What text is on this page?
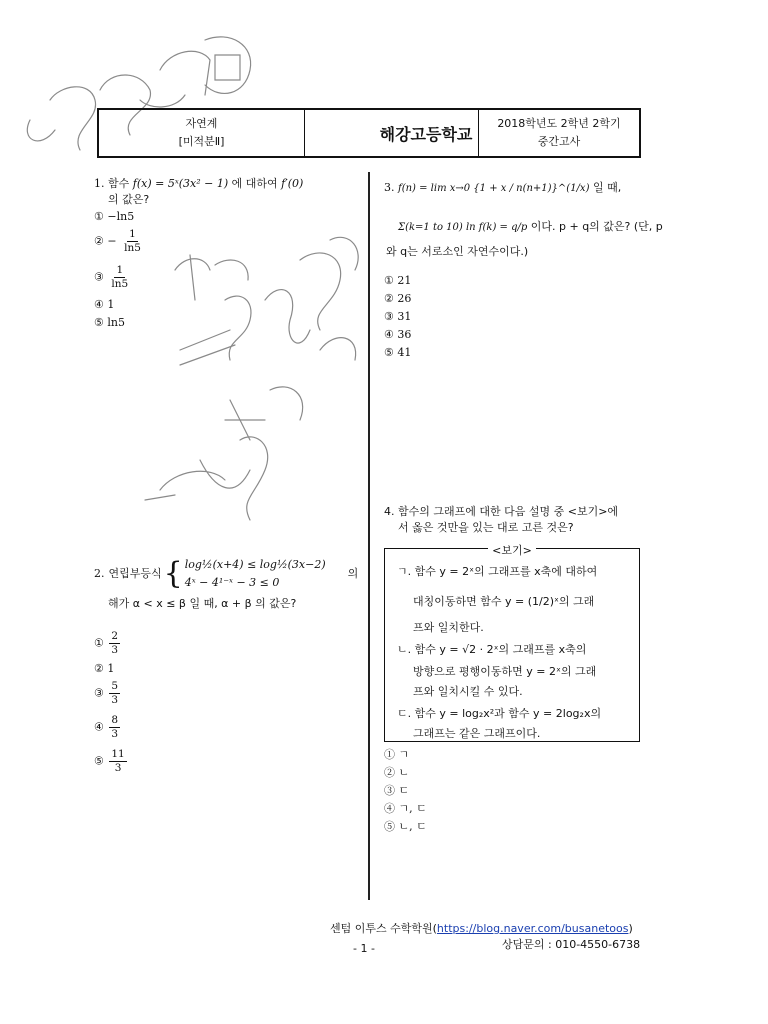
자연계
[미적분Ⅱ]	해강고등학교
2018학년도 2학년 2학기
중간고사
1. 함수 f(x) = 5ˣ(3x² − 1) 에 대하여 f′(0)
의 값은?
① −ln5
② − $\frac{1}{\ln 5}$
③ $\frac{1}{\ln 5}$
④ 1
⑤ ln5
2. 연립부등식 { log½(x+4) ≤ log½(3x−2)
4ˣ − 4¹⁻ˣ − 3 ≤ 0
의
해가 α < x ≤ β 일 때, α + β 의 값은?
① $\frac{2}{3}$
② 1
③ $\frac{5}{3}$
④ $\frac{8}{3}$
⑤ $\frac{11}{3}$
3. f(n) = lim x→0 {1 + x / n(n+1)}^(1/x) 일 때,
Σ(k=1 to 10) ln f(k) = q/p 이다. p + q의 값은? (단, p
와 q는 서로소인 자연수이다.)
① 21
② 26
③ 31
④ 36
⑤ 41
4. 함수의 그래프에 대한 다음 설명 중 <보기>에
서 옳은 것만을 있는 대로 고른 것은?
<보기>
ㄱ. 함수 y = 2ˣ의 그래프를 x축에 대하여
대칭이동하면 함수 y = (1/2)ˣ의 그래
프와 일치한다.
ㄴ. 함수 y = √2 · 2ˣ의 그래프를 x축의
방향으로 평행이동하면 y = 2ˣ의 그래
프와 일치시킬 수 있다.
ㄷ. 함수 y = log₂x²과 함수 y = 2log₂x의
그래프는 같은 그래프이다.
① ㄱ
② ㄴ
③ ㄷ
④ ㄱ, ㄷ
⑤ ㄴ, ㄷ
센텀 이투스 수학학원(https://blog.naver.com/busanetoos)
- 1 -	상담문의 : 010-4550-6738
